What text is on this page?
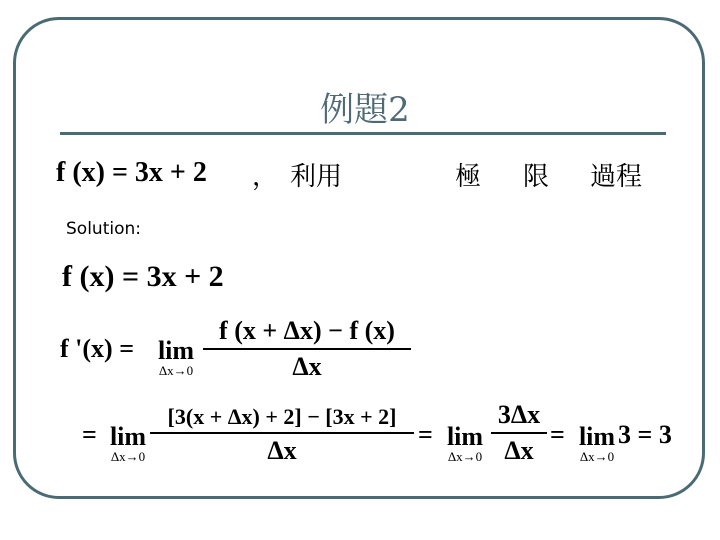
例題2
f (x) = 3x + 2 ， 利用	極 限 過程
Solution:
f (x) = 3x + 2
f '(x) = lim
Δx→0
f (x + Δx) − f (x)
Δx
= lim
Δx→0
[3(x + Δx) + 2] − [3x + 2]
Δx
= lim
Δx→0
3Δx
Δx
= lim
Δx→0
3 = 3
